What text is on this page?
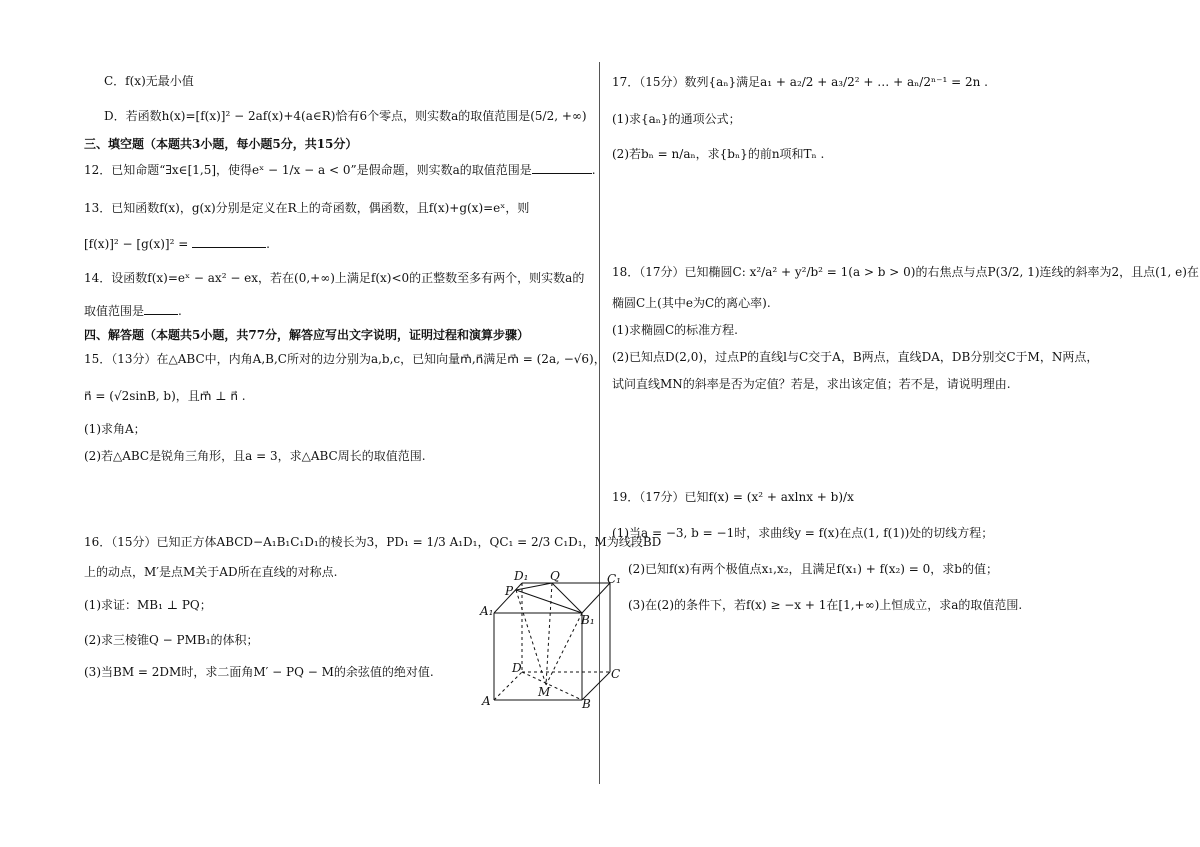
C．f(x)无最小值
D．若函数h(x)=[f(x)]² − 2af(x)+4(a∈R)恰有6个零点，则实数a的取值范围是(5/2, +∞)
三、填空题（本题共3小题，每小题5分，共15分）
12．已知命题“∃x∈[1,5]，使得eˣ − 1/x − a < 0”是假命题，则实数a的取值范围是	.
13．已知函数f(x)，g(x)分别是定义在R上的奇函数，偶函数，且f(x)+g(x)=eˣ，则
[f(x)]² − [g(x)]² =	.
14．设函数f(x)=eˣ − ax² − ex，若在(0,+∞)上满足f(x)<0的正整数至多有两个，则实数a的
取值范围是	.
四、解答题（本题共5小题，共77分，解答应写出文字说明，证明过程和演算步骤）
15．（13分）在△ABC中，内角A,B,C所对的边分别为a,b,c，已知向量m⃗,n⃗满足m⃗ = (2a, −√6)，
n⃗ = (√2sinB, b)，且m⃗ ⊥ n⃗ .
(1)求角A；
(2)若△ABC是锐角三角形，且a = 3，求△ABC周长的取值范围.
16．（15分）已知正方体ABCD−A₁B₁C₁D₁的棱长为3，PD₁ = 1/3 A₁D₁，QC₁ = 2/3 C₁D₁，M为线段BD
上的动点，M′是点M关于AD所在直线的对称点.
(1)求证：MB₁ ⊥ PQ；
(2)求三棱锥Q − PMB₁的体积；
(3)当BM = 2DM时，求二面角M′ − PQ − M的余弦值的绝对值.
D₁ Q	C₁
P
A₁
B₁
D	C
M
A	B
17．（15分）数列{aₙ}满足a₁ + a₂/2 + a₃/2² + … + aₙ/2ⁿ⁻¹ = 2n .
(1)求{aₙ}的通项公式；
(2)若bₙ = n/aₙ，求{bₙ}的前n项和Tₙ .
18．（17分）已知椭圆C: x²/a² + y²/b² = 1(a > b > 0)的右焦点与点P(3/2, 1)连线的斜率为2，且点(1, e)在
椭圆C上(其中e为C的离心率).
(1)求椭圆C的标准方程.
(2)已知点D(2,0)，过点P的直线l与C交于A，B两点，直线DA，DB分别交C于M，N两点，
试问直线MN的斜率是否为定值？若是，求出该定值；若不是，请说明理由.
19．（17分）已知f(x) = (x² + axlnx + b)/x
(1)当a = −3, b = −1时，求曲线y = f(x)在点(1, f(1))处的切线方程；
(2)已知f(x)有两个极值点x₁,x₂，且满足f(x₁) + f(x₂) = 0，求b的值；
(3)在(2)的条件下，若f(x) ≥ −x + 1在[1,+∞)上恒成立，求a的取值范围.
